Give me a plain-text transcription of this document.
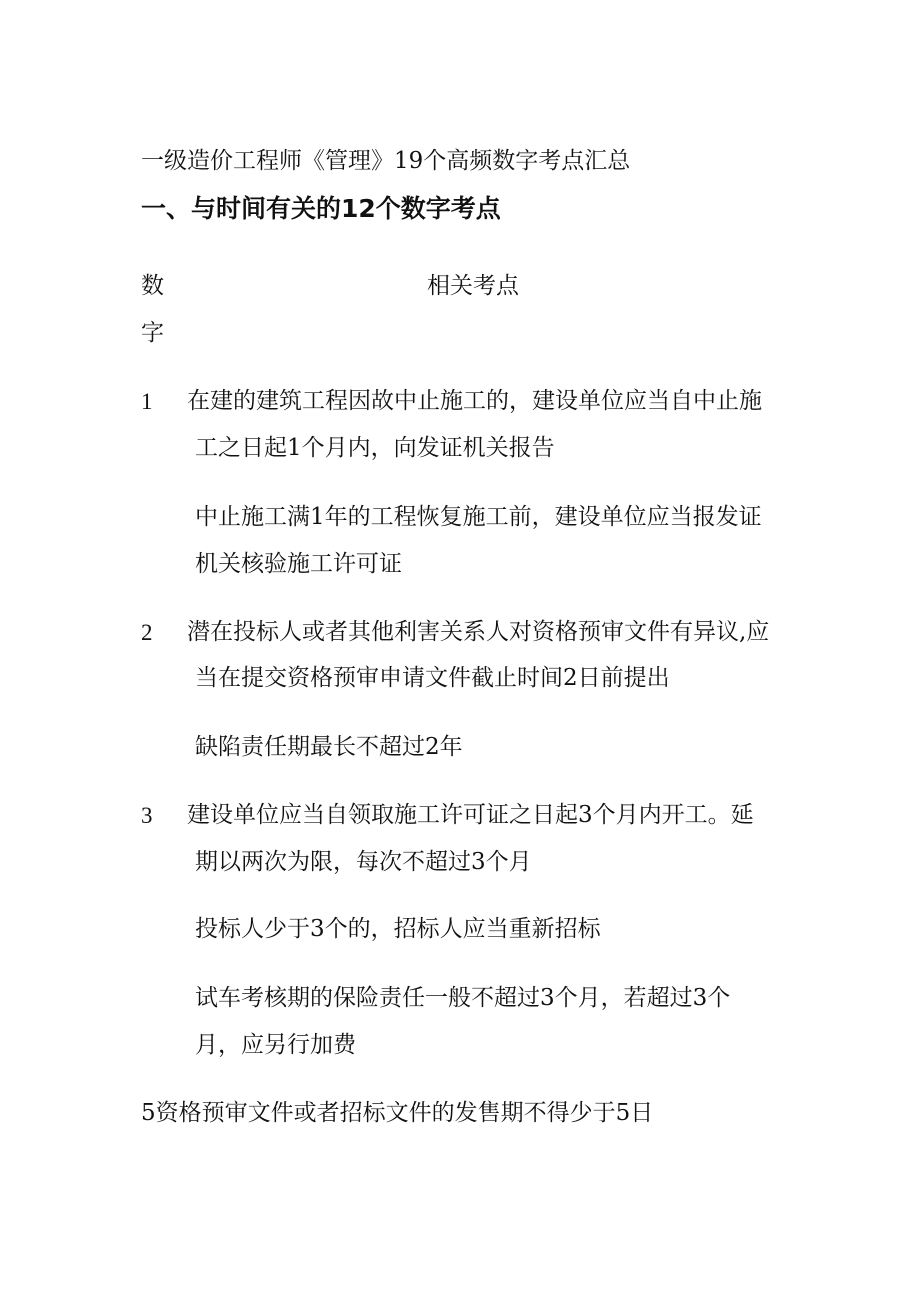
一级造价工程师《管理》19个高频数字考点汇总
一、与时间有关的12个数字考点
数
字
相关考点
1 在建的建筑工程因故中止施工的，建设单位应当自中止施
工之日起1个月内，向发证机关报告
中止施工满1年的工程恢复施工前，建设单位应当报发证
机关核验施工许可证
2 潜在投标人或者其他利害关系人对资格预审文件有异议,应
当在提交资格预审申请文件截止时间2日前提出
缺陷责任期最长不超过2年
3 建设单位应当自领取施工许可证之日起3个月内开工。延
期以两次为限，每次不超过3个月
投标人少于3个的，招标人应当重新招标
试车考核期的保险责任一般不超过3个月，若超过3个
月，应另行加费
5资格预审文件或者招标文件的发售期不得少于5日
